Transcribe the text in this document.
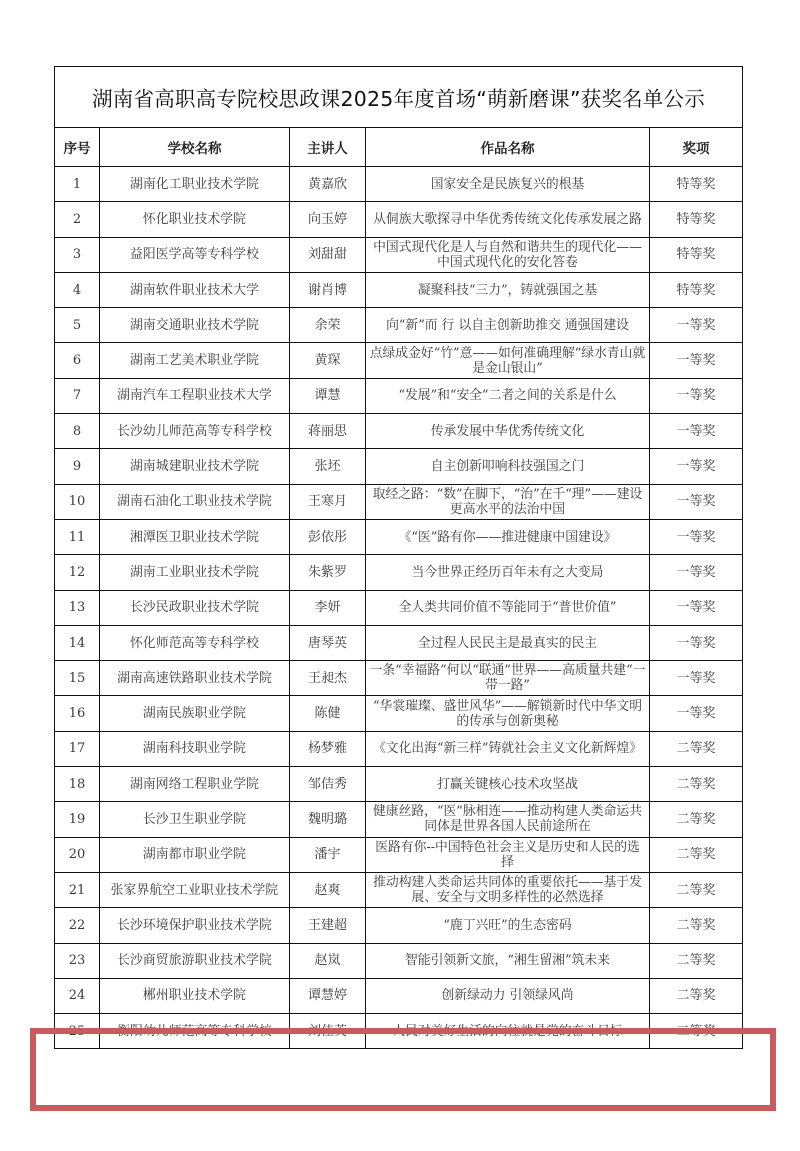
湖南省高职高专院校思政课2025年度首场“萌新磨课”获奖名单公示				
序号	学校名称	主讲人	作品名称	奖项
1	湖南化工职业技术学院	黄嘉欣	国家安全是民族复兴的根基	特等奖
2	怀化职业技术学院	向玉婷	从侗族大歌探寻中华优秀传统文化传承发展之路	特等奖
3	益阳医学高等专科学校	刘甜甜	中国式现代化是人与自然和谐共生的现代化——中国式现代化的安化答卷	特等奖
4	湖南软件职业技术大学	谢肖博	凝聚科技“三力”，铸就强国之基	特等奖
5	湖南交通职业技术学院	余荣	向“新”而 行 以自主创新助推交 通强国建设	一等奖
6	湖南工艺美术职业学院	黄琛	点绿成金好“竹”意——如何准确理解“绿水青山就是金山银山”	一等奖
7	湖南汽车工程职业技术大学	谭慧	“发展”和“安全”二者之间的关系是什么	一等奖
8	长沙幼儿师范高等专科学校	蒋丽思	传承发展中华优秀传统文化	一等奖
9	湖南城建职业技术学院	张坯	自主创新叩响科技强国之门	一等奖
10	湖南石油化工职业技术学院	王寒月	取经之路：“数”在脚下，“治”在千“理”——建设更高水平的法治中国	一等奖
11	湘潭医卫职业技术学院	彭依彤	《“医”路有你——推进健康中国建设》	一等奖
12	湖南工业职业技术学院	朱紫罗	当今世界正经历百年未有之大变局	一等奖
13	长沙民政职业技术学院	李妍	全人类共同价值不等能同于“普世价值”	一等奖
14	怀化师范高等专科学校	唐琴英	全过程人民民主是最真实的民主	一等奖
15	湖南高速铁路职业技术学院	王昶杰	一条“幸福路”何以“联通”世界——高质量共建“一带一路”	一等奖
16	湖南民族职业学院	陈健	“华裳璀璨、盛世风华”——解锁新时代中华文明的传承与创新奥秘	一等奖
17	湖南科技职业学院	杨梦雅	《文化出海“新三样”铸就社会主义文化新辉煌》	二等奖
18	湖南网络工程职业学院	邹佶秀	打赢关键核心技术攻坚战	二等奖
19	长沙卫生职业学院	魏明璐	健康丝路，“医”脉相连——推动构建人类命运共同体是世界各国人民前途所在	二等奖
20	湖南都市职业学院	潘宇	医路有你--中国特色社会主义是历史和人民的选择	二等奖
21	张家界航空工业职业技术学院	赵爽	推动构建人类命运共同体的重要依托——基于发展、安全与文明多样性的必然选择	二等奖
22	长沙环境保护职业技术学院	王建超	“鹿丁兴旺”的生态密码	二等奖
23	长沙商贸旅游职业技术学院	赵岚	智能引领新文旅，“湘生留湘”筑未来	二等奖
24	郴州职业技术学院	谭慧婷	创新绿动力 引领绿风尚	二等奖
25	衡阳幼儿师范高等专科学校	刘佳英	人民对美好生活的向往就是党的奋斗目标	二等奖
